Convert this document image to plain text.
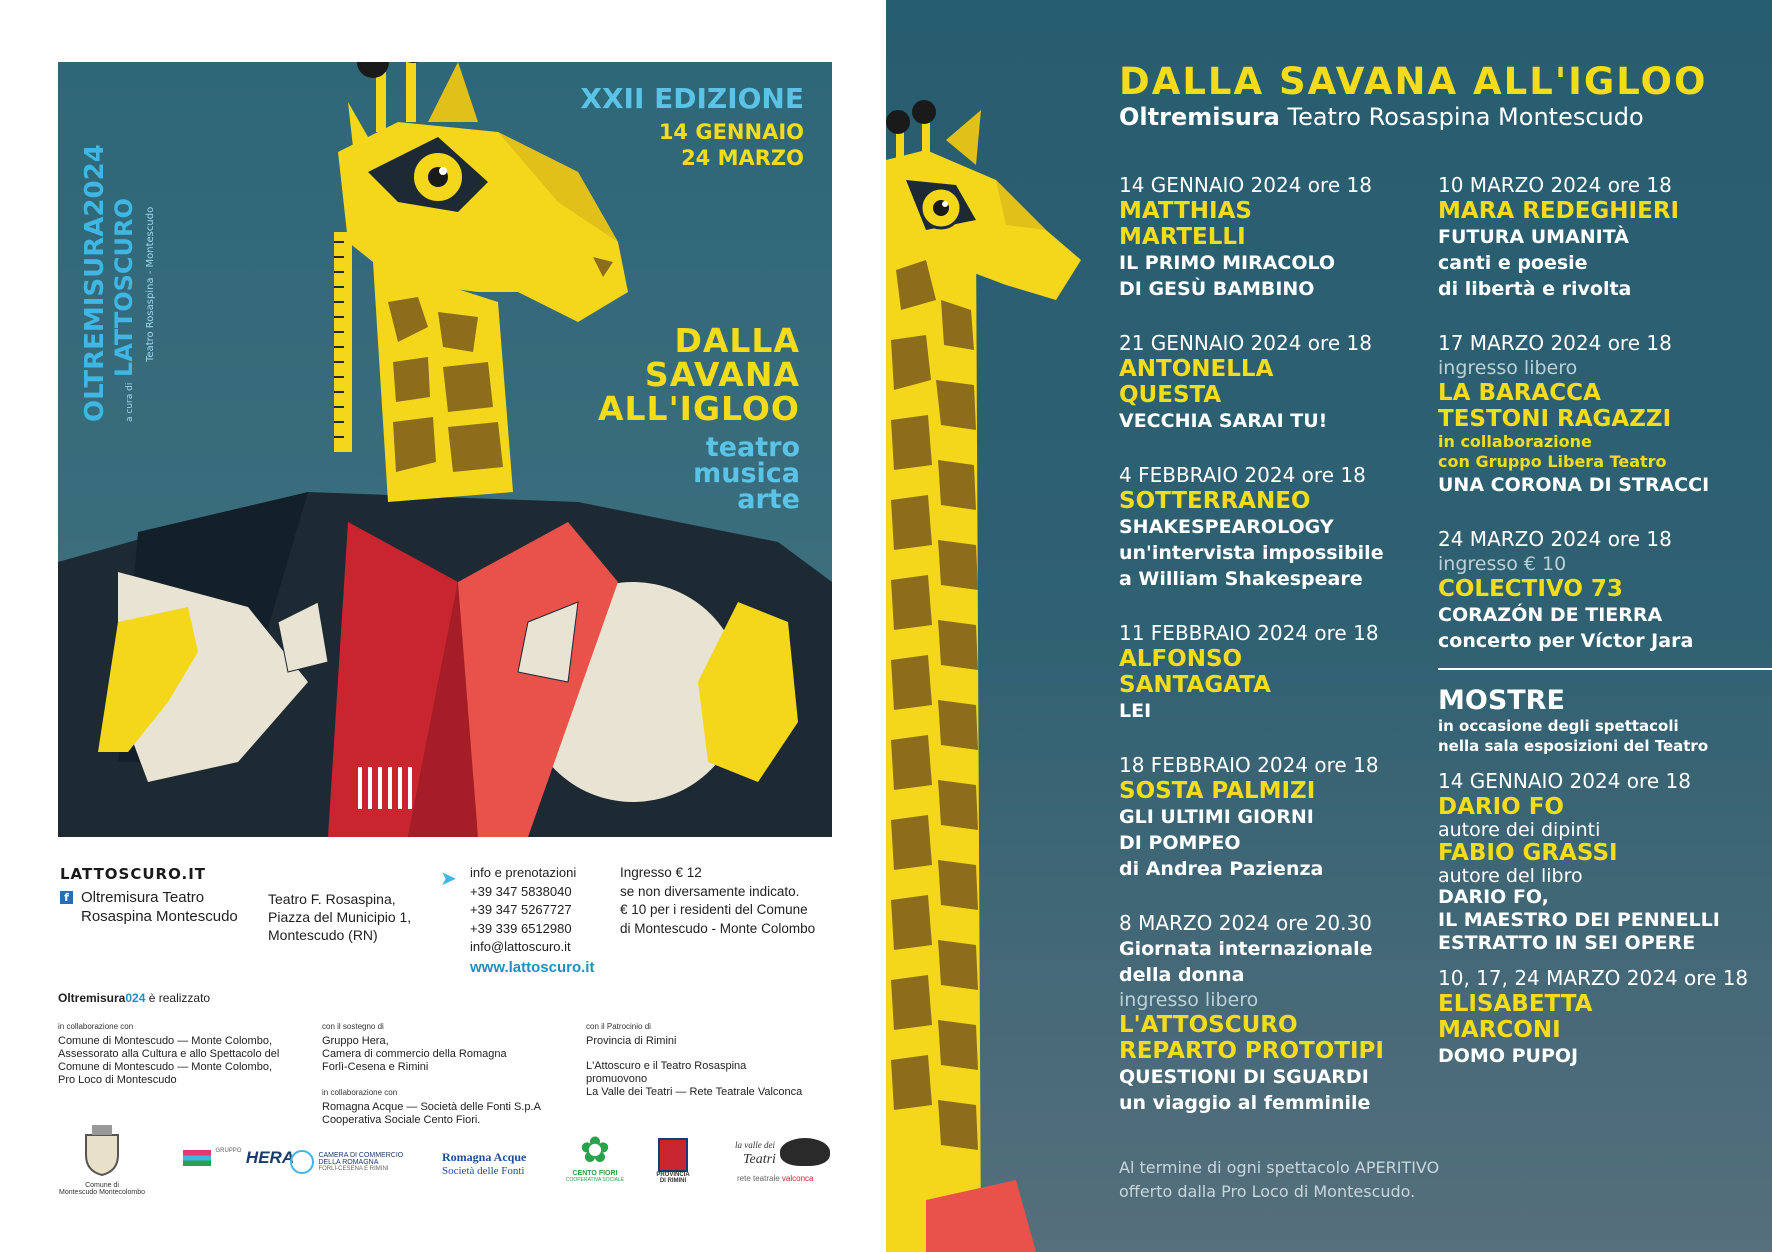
OLTREMISURA2024
a cura di LATTOSCURO Teatro Rosaspina - Montescudo
XXII EDIZIONE
14 GENNAIO
24 MARZO
DALLA
SAVANA
ALL'IGLOO
teatro
musica
arte
LATTOSCURO.IT
f Oltremisura Teatro
Rosaspina Montescudo
Teatro F. Rosaspina,
Piazza del Municipio 1,
Montescudo (RN)
➤ info e prenotazioni
+39 347 5838040
+39 347 5267727
+39 339 6512980
info@lattoscuro.it
www.lattoscuro.it
Ingresso € 12
se non diversamente indicato.
€ 10 per i residenti del Comune
di Montescudo - Monte Colombo
Oltremisura024 è realizzato
in collaborazione con
Comune di Montescudo — Monte Colombo,
Assessorato alla Cultura e allo Spettacolo del
Comune di Montescudo — Monte Colombo,
Pro Loco di Montescudo
con il sostegno di
Gruppo Hera,
Camera di commercio della Romagna
Forlì-Cesena e Rimini
in collaborazione con
Romagna Acque — Società delle Fonti S.p.A
Cooperativa Sociale Cento Fiori.
con il Patrocinio di
Provincia di Rimini
L'Attoscuro e il Teatro Rosaspina
promuovono
La Valle dei Teatri — Rete Teatrale Valconca
Comune di
Montescudo Montecolombo
$^{GRUPPO}$ HERA
	CAMERA DI COMMERCIO
DELLA ROMAGNA
FORLÌ-CESENA E RIMINI
Romagna Acque
Società delle Fonti
✿
CENTO FIORI
COOPERATIVA SOCIALE
PROVINCIA
DI RIMINI
la valle dei
Teatri
rete teatrale valconca
DALLA SAVANA ALL'IGLOO
Oltremisura Teatro Rosaspina Montescudo
14 GENNAIO 2024 ore 18
MATTHIAS
MARTELLI
IL PRIMO MIRACOLO
DI GESÙ BAMBINO
21 GENNAIO 2024 ore 18
ANTONELLA
QUESTA
VECCHIA SARAI TU!
4 FEBBRAIO 2024 ore 18
SOTTERRANEO
SHAKESPEAROLOGY
un'intervista impossibile
a William Shakespeare
11 FEBBRAIO 2024 ore 18
ALFONSO
SANTAGATA
LEI
18 FEBBRAIO 2024 ore 18
SOSTA PALMIZI
GLI ULTIMI GIORNI
DI POMPEO
di Andrea Pazienza
8 MARZO 2024 ore 20.30
Giornata internazionale
della donna
ingresso libero
L'ATTOSCURO
REPARTO PROTOTIPI
QUESTIONI DI SGUARDI
un viaggio al femminile
10 MARZO 2024 ore 18
MARA REDEGHIERI
FUTURA UMANITÀ
canti e poesie
di libertà e rivolta
17 MARZO 2024 ore 18
ingresso libero
LA BARACCA
TESTONI RAGAZZI
in collaborazione
con Gruppo Libera Teatro
UNA CORONA DI STRACCI
24 MARZO 2024 ore 18
ingresso € 10
COLECTIVO 73
CORAZÓN DE TIERRA
concerto per Víctor Jara
MOSTRE
in occasione degli spettacoli
nella sala esposizioni del Teatro
14 GENNAIO 2024 ore 18
DARIO FO
autore dei dipinti
FABIO GRASSI
autore del libro
DARIO FO,
IL MAESTRO DEI PENNELLI
ESTRATTO IN SEI OPERE
10, 17, 24 MARZO 2024 ore 18
ELISABETTA
MARCONI
DOMO PUPOJ
Al termine di ogni spettacolo APERITIVO
offerto dalla Pro Loco di Montescudo.
